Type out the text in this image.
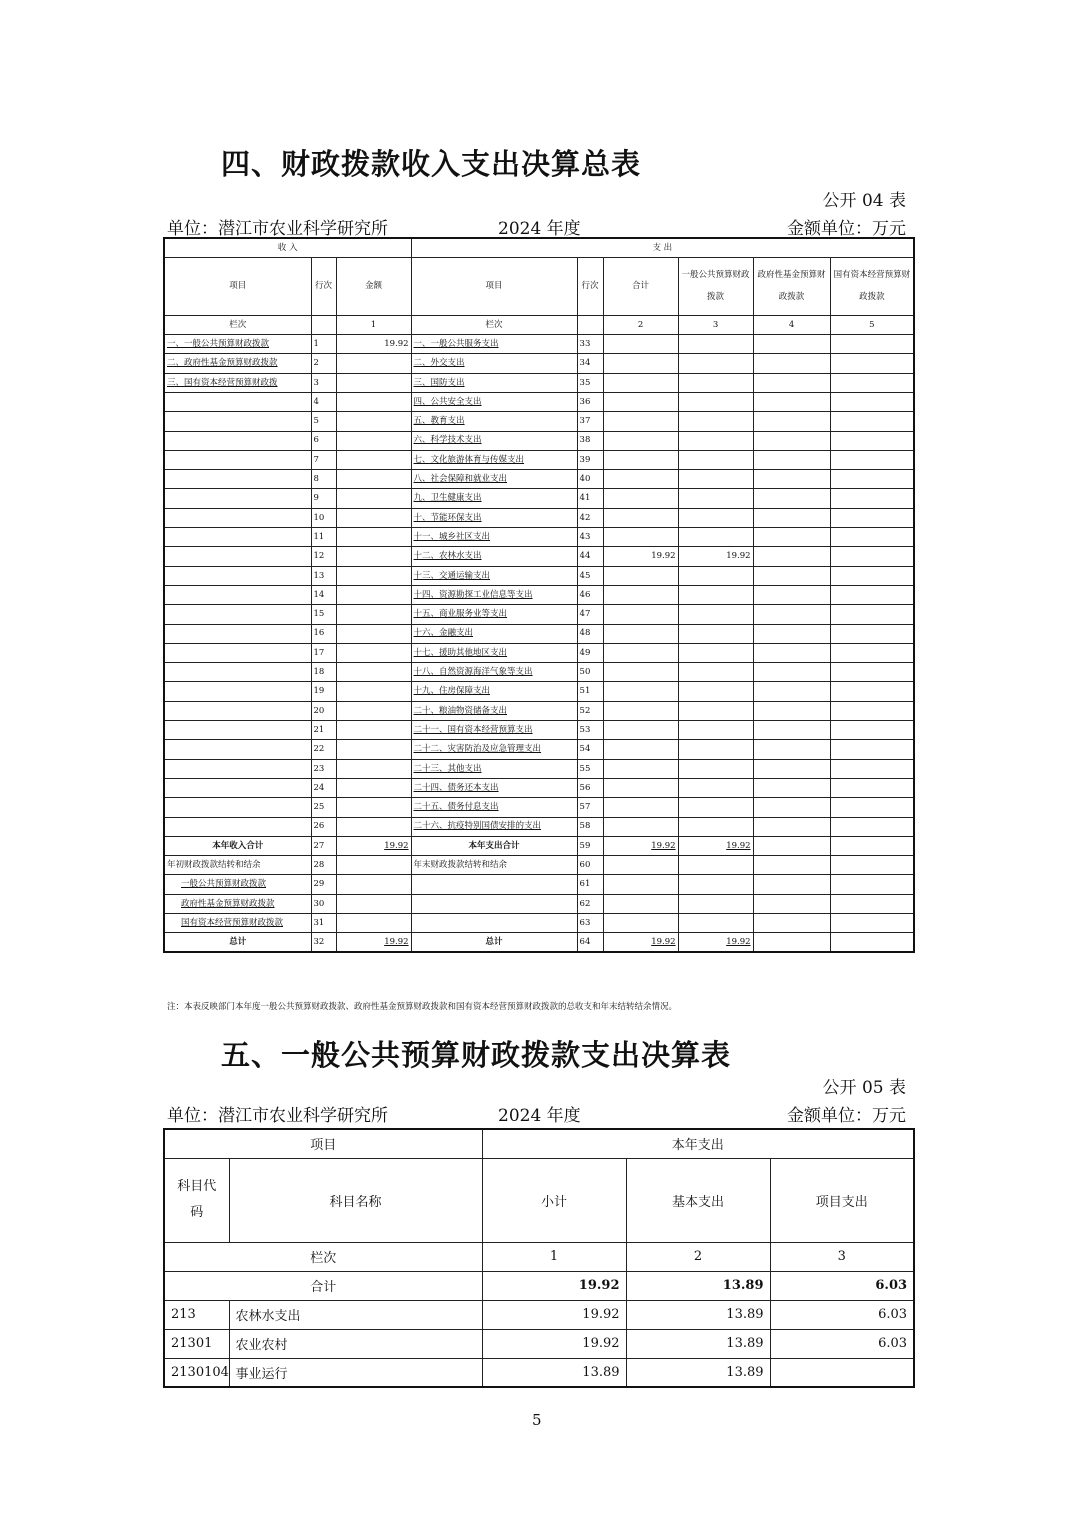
四、财政拨款收入支出决算总表
公开 04 表
单位：潜江市农业科学研究所	2024 年度	金额单位：万元
收 入			支 出					
项目	行次	金额	项目	行次	合计	一般公共预算财政拨款	政府性基金预算财政拨款	国有资本经营预算财政拨款
栏次		1	栏次		2	3	4	5
一、一般公共预算财政拨款	1	19.92	一、一般公共服务支出	33				
二、政府性基金预算财政拨款	2		二、外交支出	34				
三、国有资本经营预算财政拨	3		三、国防支出	35				
	4		四、公共安全支出	36				
	5		五、教育支出	37				
	6		六、科学技术支出	38				
	7		七、文化旅游体育与传媒支出	39				
	8		八、社会保障和就业支出	40				
	9		九、卫生健康支出	41				
	10		十、节能环保支出	42				
	11		十一、城乡社区支出	43				
	12		十二、农林水支出	44	19.92	19.92		
	13		十三、交通运输支出	45				
	14		十四、资源勘探工业信息等支出	46				
	15		十五、商业服务业等支出	47				
	16		十六、金融支出	48				
	17		十七、援助其他地区支出	49				
	18		十八、自然资源海洋气象等支出	50				
	19		十九、住房保障支出	51				
	20		二十、粮油物资储备支出	52				
	21		二十一、国有资本经营预算支出	53				
	22		二十二、灾害防治及应急管理支出	54				
	23		二十三、其他支出	55				
	24		二十四、债务还本支出	56				
	25		二十五、债务付息支出	57				
	26		二十六、抗疫特别国债安排的支出	58				
本年收入合计	27	19.92	本年支出合计	59	19.92	19.92		
年初财政拨款结转和结余	28		年末财政拨款结转和结余	60				
一般公共预算财政拨款	29			61				
政府性基金预算财政拨款	30			62				
国有资本经营预算财政拨款	31			63				
总计	32	19.92	总计	64	19.92	19.92		
注：本表反映部门本年度一般公共预算财政拨款、政府性基金预算财政拨款和国有资本经营预算财政拨款的总收支和年末结转结余情况。
五、一般公共预算财政拨款支出决算表
公开 05 表
单位：潜江市农业科学研究所	2024 年度	金额单位：万元
项目		本年支出		
科目代码	科目名称	小计	基本支出	项目支出
栏次		1	2	3
合计		19.92	13.89	6.03
213	农林水支出	19.92	13.89	6.03
21301	农业农村	19.92	13.89	6.03
2130104	事业运行	13.89	13.89	
5
